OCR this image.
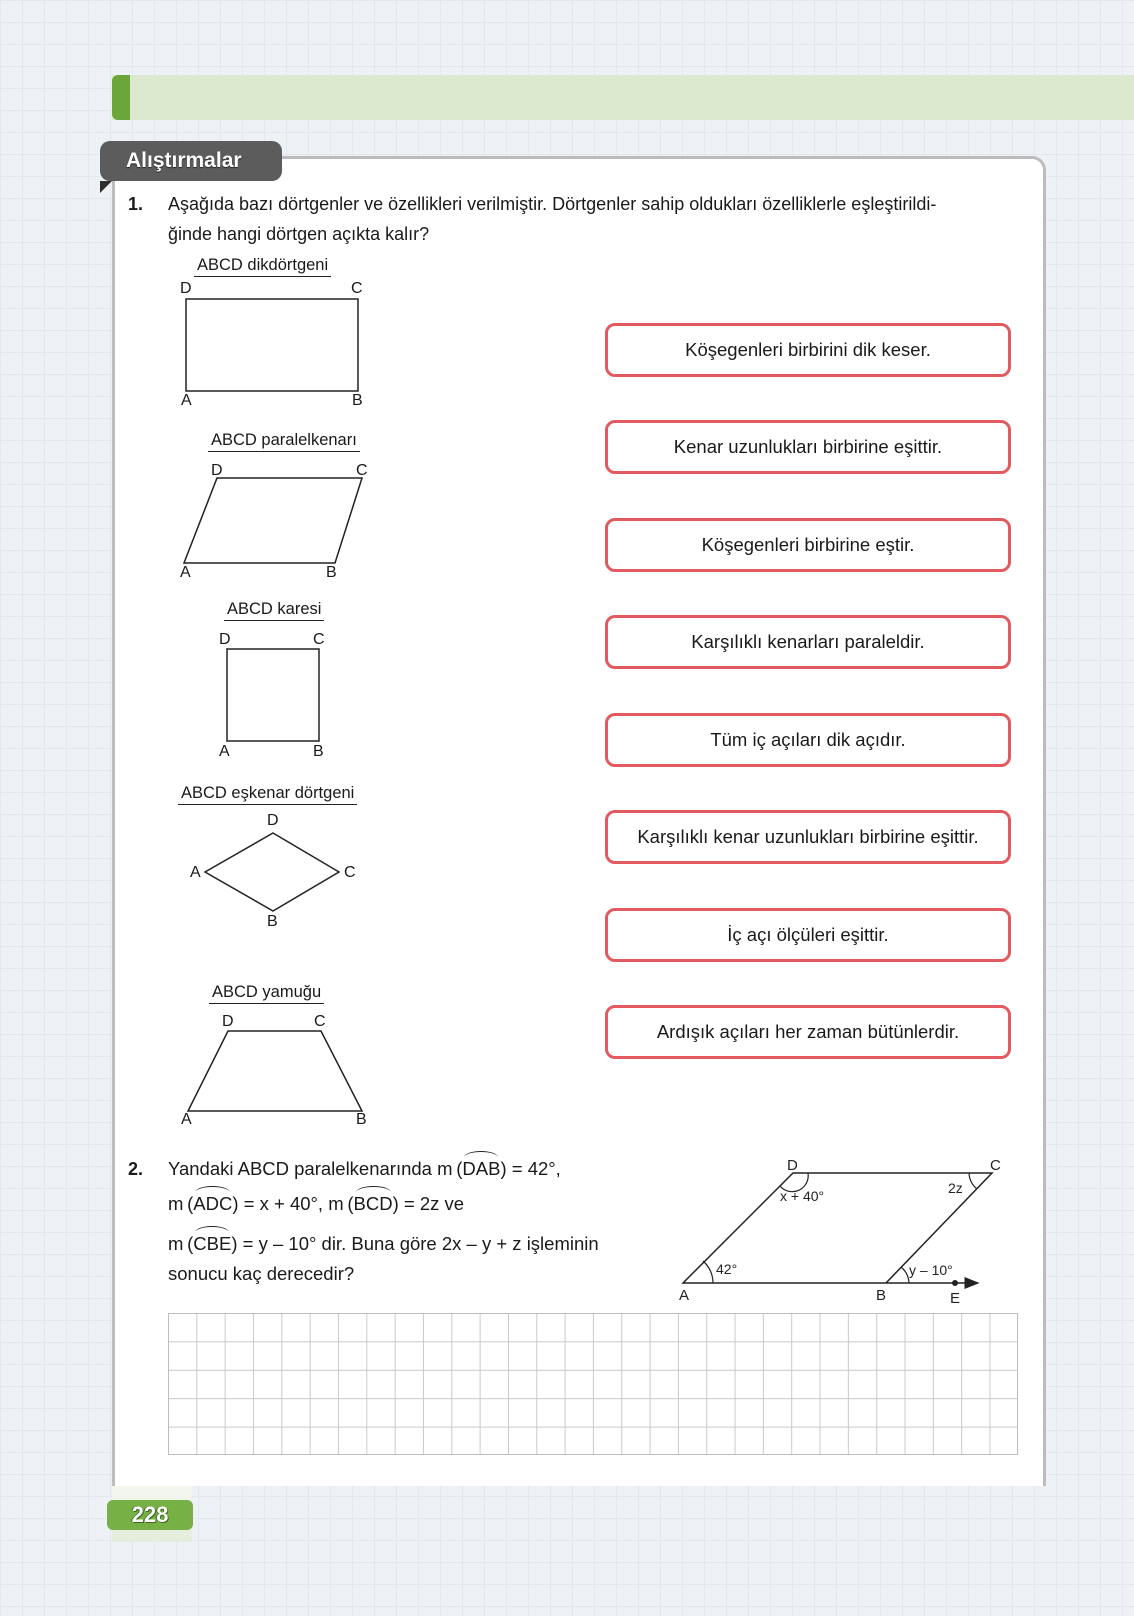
Alıştırmalar
1. Aşağıda bazı dörtgenler ve özellikleri verilmiştir. Dörtgenler sahip oldukları özelliklerle eşleştirildi-
ğinde hangi dörtgen açıkta kalır?
ABCD dikdörtgeni
D	C
A	B
ABCD paralelkenarı
D	C
A	B
ABCD karesi
D	C
A	B
ABCD eşkenar dörtgeni
D
A	C
B
ABCD yamuğu
D	C
A	B
Köşegenleri birbirini dik keser.
Kenar uzunlukları birbirine eşittir.
Köşegenleri birbirine eştir.
Karşılıklı kenarları paraleldir.
Tüm iç açıları dik açıdır.
Karşılıklı kenar uzunlukları birbirine eşittir.
İç açı ölçüleri eşittir.
Ardışık açıları her zaman bütünlerdir.
2. Yandaki ABCD paralelkenarında m (DAB) = 42°,
m (ADC) = x + 40°, m (BCD) = 2z ve
m (CBE) = y – 10° dir. Buna göre 2x – y + z işleminin
sonucu kaç derecedir?
D	C
A	B	E
42°
x + 40°	2z
y – 10°
228
